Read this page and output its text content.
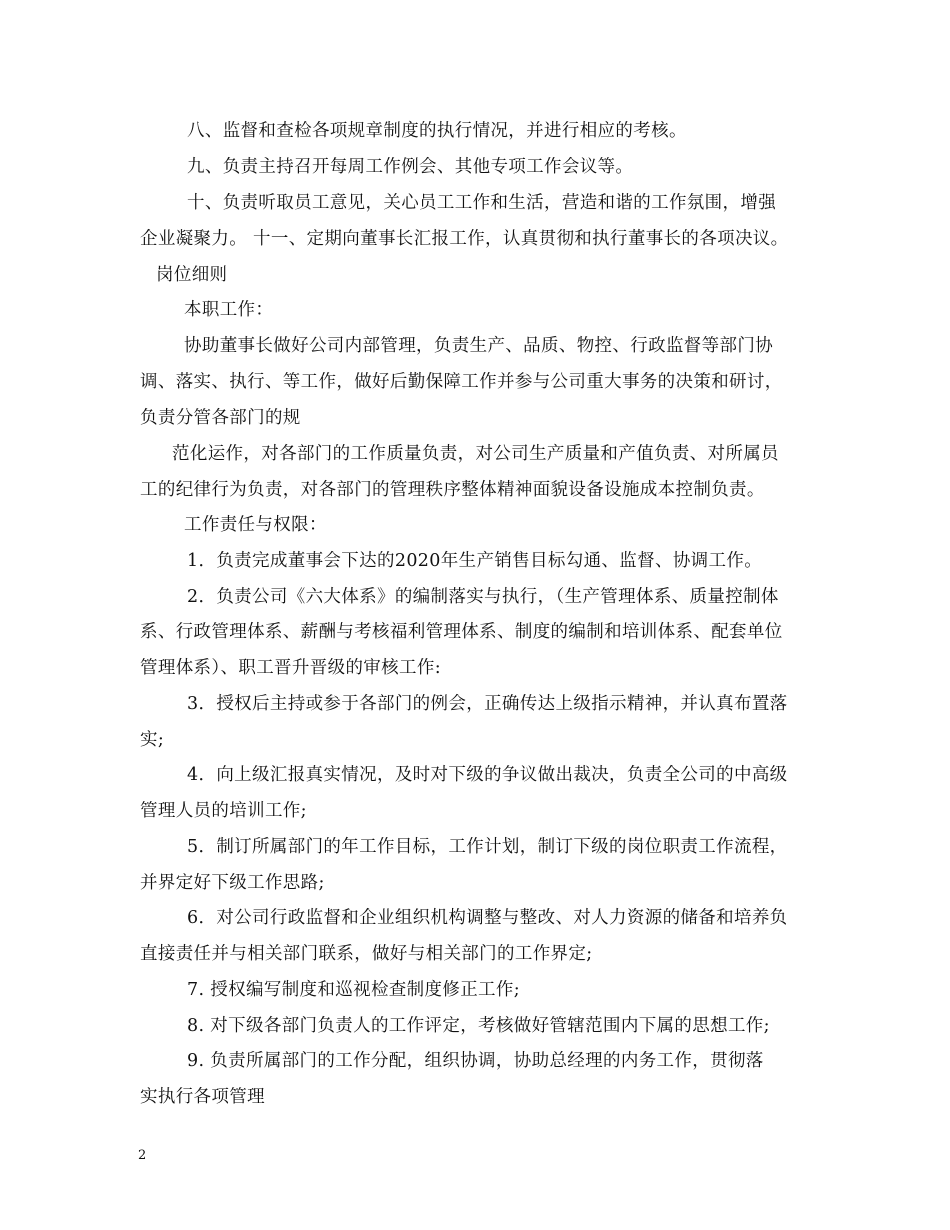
八、监督和查检各项规章制度的执行情况，并进行相应的考核。
九、负责主持召开每周工作例会、其他专项工作会议等。
十、负责听取员工意见，关心员工工作和生活，营造和谐的工作氛围，增强
企业凝聚力。 十一、定期向董事长汇报工作，认真贯彻和执行董事长的各项决议。
岗位细则
本职工作：
协助董事长做好公司内部管理，负责生产、品质、物控、行政监督等部门协
调、落实、执行、等工作，做好后勤保障工作并参与公司重大事务的决策和研讨，
负责分管各部门的规
范化运作，对各部门的工作质量负责，对公司生产质量和产值负责、对所属员
工的纪律行为负责，对各部门的管理秩序整体精神面貌设备设施成本控制负责。
工作责任与权限：
1．负责完成董事会下达的2020年生产销售目标勾通、监督、协调工作。
2．负责公司《六大体系》的编制落实与执行，（生产管理体系、质量控制体
系、行政管理体系、薪酬与考核福利管理体系、制度的编制和培训体系、配套单位
管理体系）、职工晋升晋级的审核工作:
3．授权后主持或参于各部门的例会，正确传达上级指示精神，并认真布置落
实;
4．向上级汇报真实情况，及时对下级的争议做出裁决，负责全公司的中高级
管理人员的培训工作;
5．制订所属部门的年工作目标，工作计划，制订下级的岗位职责工作流程，
并界定好下级工作思路;
6．对公司行政监督和企业组织机构调整与整改、对人力资源的储备和培养负
直接责任并与相关部门联系，做好与相关部门的工作界定;
7. 授权编写制度和巡视检查制度修正工作;
8. 对下级各部门负责人的工作评定，考核做好管辖范围内下属的思想工作;
9. 负责所属部门的工作分配，组织协调，协助总经理的内务工作，贯彻落
实执行各项管理
2
